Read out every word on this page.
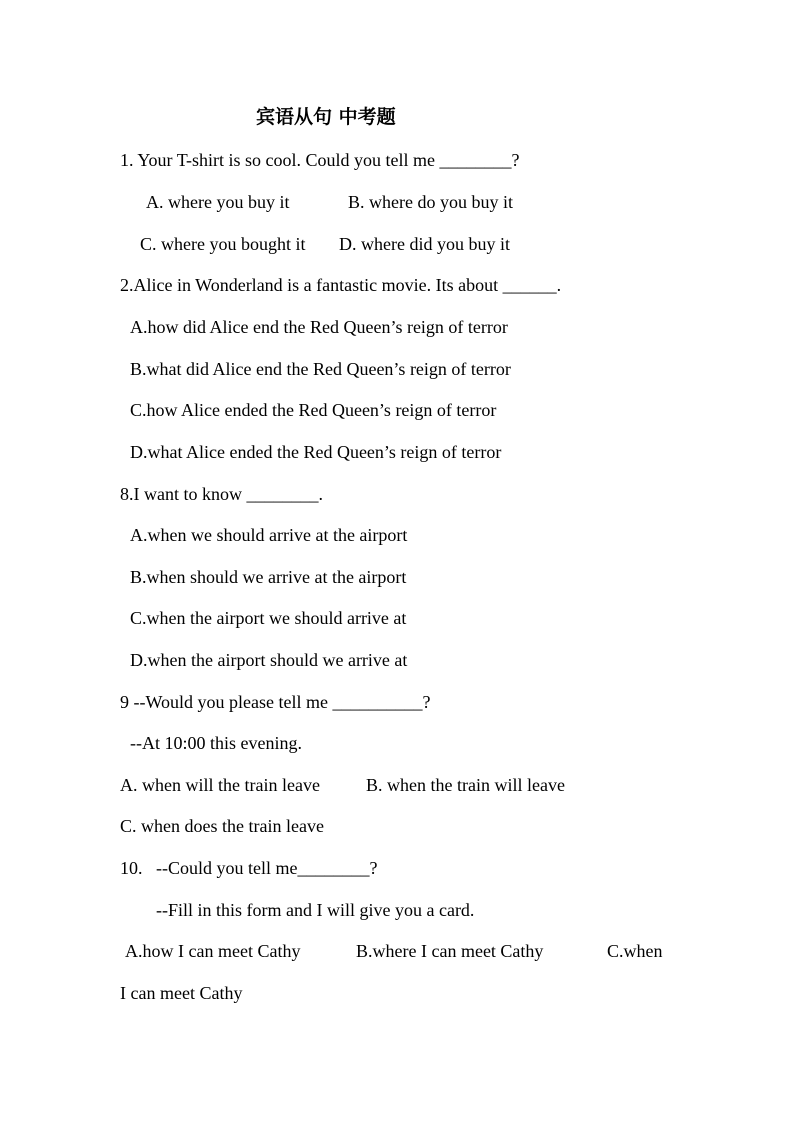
宾语从句 中考题
1. Your T-shirt is so cool. Could you tell me ________?
A. where you buy it	B. where do you buy it
C. where you bought it D. where did you buy it
2.Alice in Wonderland is a fantastic movie. Its about ______.
A.how did Alice end the Red Queen’s reign of terror
B.what did Alice end the Red Queen’s reign of terror
C.how Alice ended the Red Queen’s reign of terror
D.what Alice ended the Red Queen’s reign of terror
8.I want to know ________.
A.when we should arrive at the airport
B.when should we arrive at the airport
C.when the airport we should arrive at
D.when the airport should we arrive at
9 --Would you please tell me __________?
--At 10:00 this evening.
A. when will the train leave	B. when the train will leave
C. when does the train leave
10.   --Could you tell me________?
--Fill in this form and I will give you a card.
A.how I can meet Cathy	B.where I can meet Cathy	C.when
I can meet Cathy
